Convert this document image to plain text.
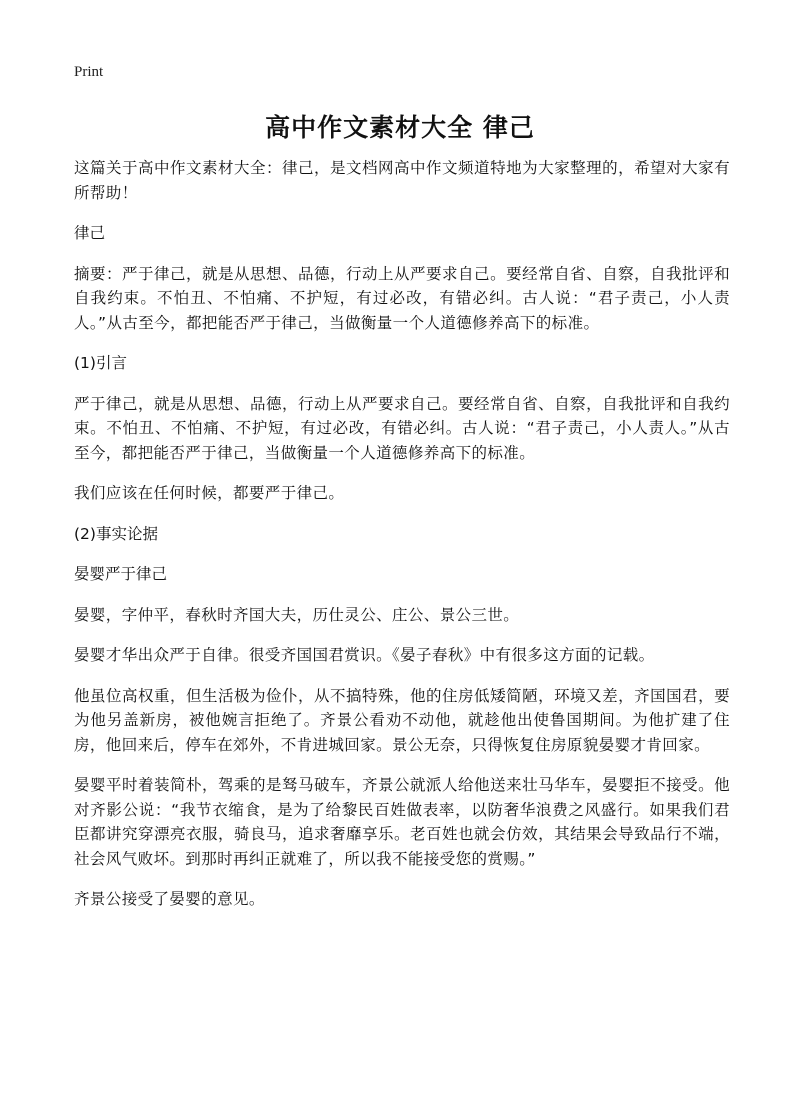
Print
高中作文素材大全 律己

这篇关于高中作文素材大全：律己，是文档网高中作文频道特地为大家整理的，希望对大家有所帮助！

律己

摘要：严于律己，就是从思想、品德，行动上从严要求自己。要经常自省、自察，自我批评和自我约束。不怕丑、不怕痛、不护短，有过必改，有错必纠。古人说：“君子责己，小人责人。”从古至今，都把能否严于律己，当做衡量一个人道德修养高下的标准。

(1)引言

严于律己，就是从思想、品德，行动上从严要求自己。要经常自省、自察，自我批评和自我约束。不怕丑、不怕痛、不护短，有过必改，有错必纠。古人说：“君子责己，小人责人。”从古至今，都把能否严于律己，当做衡量一个人道德修养高下的标准。

我们应该在任何时候，都要严于律己。

(2)事实论据

晏婴严于律己

晏婴，字仲平，春秋时齐国大夫，历仕灵公、庄公、景公三世。

晏婴才华出众严于自律。很受齐国国君赏识。《晏子春秋》中有很多这方面的记载。

他虽位高权重，但生活极为俭仆，从不搞特殊，他的住房低矮简陋，环境又差，齐国国君，要为他另盖新房，被他婉言拒绝了。齐景公看劝不动他，就趁他出使鲁国期间。为他扩建了住房，他回来后，停车在郊外，不肯进城回家。景公无奈，只得恢复住房原貌晏婴才肯回家。

晏婴平时着装简朴，驾乘的是驽马破车，齐景公就派人给他送来壮马华车，晏婴拒不接受。他对齐影公说：“我节衣缩食，是为了给黎民百姓做表率，以防奢华浪费之风盛行。如果我们君臣都讲究穿漂亮衣服，骑良马，追求奢靡享乐。老百姓也就会仿效，其结果会导致品行不端，社会风气败坏。到那时再纠正就难了，所以我不能接受您的赏赐。”

齐景公接受了晏婴的意见。
